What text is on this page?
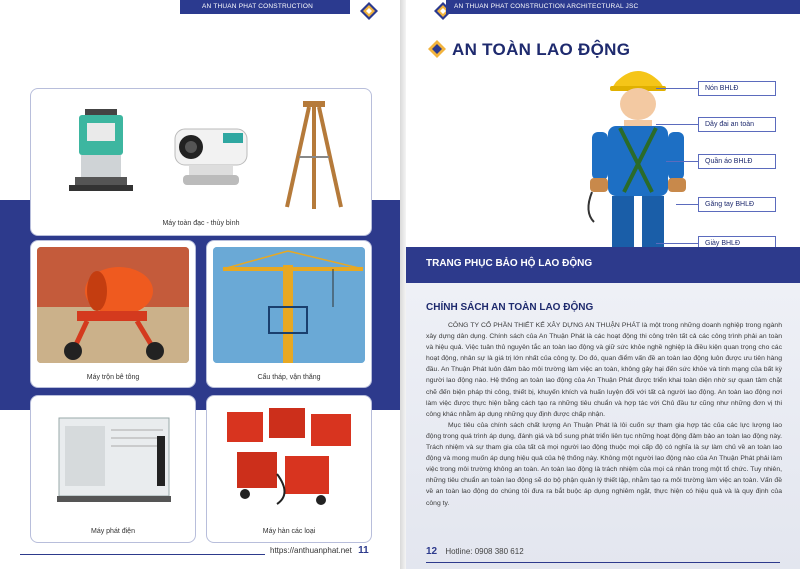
AN THUAN PHAT CONSTRUCTION ARCHITECTURAL JSC
Máy toàn đạc - thủy bình
Máy trộn bê tông	Cẩu tháp, vận thăng
Máy phát điện	Máy hàn các loại
https://anthuanphat.net 11
AN THUAN PHAT CONSTRUCTION ARCHITECTURAL JSC
AN TOÀN LAO ĐỘNG
Nón BHLĐ
Dây đai an toàn
Quần áo BHLĐ
Găng tay BHLĐ
Giày BHLĐ
TRANG PHỤC BẢO HỘ LAO ĐỘNG
CHÍNH SÁCH AN TOÀN LAO ĐỘNG

CÔNG TY CỔ PHẦN THIẾT KẾ XÂY DỰNG AN THUẬN PHÁT là một trong những doanh nghiệp trong ngành xây dựng dân dụng. Chính sách của An Thuận Phát là các hoạt động thi công trên tất cả các công trình phải an toàn và hiệu quả. Việc tuân thủ nguyên tắc an toàn lao động và giữ sức khỏe nghề nghiệp là điều kiện quan trọng cho các hoạt động, nhân sự là giá trị lớn nhất của công ty. Do đó, quan điểm vấn đề an toàn lao động luôn được ưu tiên hàng đầu. An Thuận Phát luôn đảm bảo môi trường làm việc an toàn, không gây hại đến sức khỏe và tính mạng của bất kỳ người lao động nào. Hệ thống an toàn lao động của An Thuận Phát được triển khai toàn diện nhờ sự quan tâm chặt chẽ đến biện pháp thi công, thiết bị, khuyến khích và huấn luyện đối với tất cả người lao động. An toàn lao động nơi làm việc được thực hiện bằng cách tạo ra những tiêu chuẩn và hợp tác với Chủ đầu tư cũng như những đơn vị thi công khác nhằm áp dụng những quy định được chấp nhận.

Mục tiêu của chính sách chất lượng An Thuận Phát là lôi cuốn sự tham gia hợp tác của các lực lượng lao động trong quá trình áp dụng, đánh giá và bổ sung phát triển liên tục những hoạt động đảm bảo an toàn lao động này. Trách nhiệm và sự tham gia của tất cả mọi người lao động thuộc mọi cấp độ có nghĩa là sự làm chủ về an toàn lao động và mong muốn áp dụng hiệu quả của hệ thống này. Không một người lao động nào của An Thuận Phát phải làm việc trong môi trường không an toàn. An toàn lao động là trách nhiệm của mọi cá nhân trong một tổ chức. Tuy nhiên, những tiêu chuẩn an toàn lao động sẽ do bộ phận quản lý thiết lập, nhằm tạo ra môi trường làm việc an toàn. Vấn đề về an toàn lao động do chúng tôi đưa ra bắt buộc áp dụng nghiêm ngặt, thực hiện có hiệu quả và là quy định của công ty.

12 Hotline: 0908 380 612
